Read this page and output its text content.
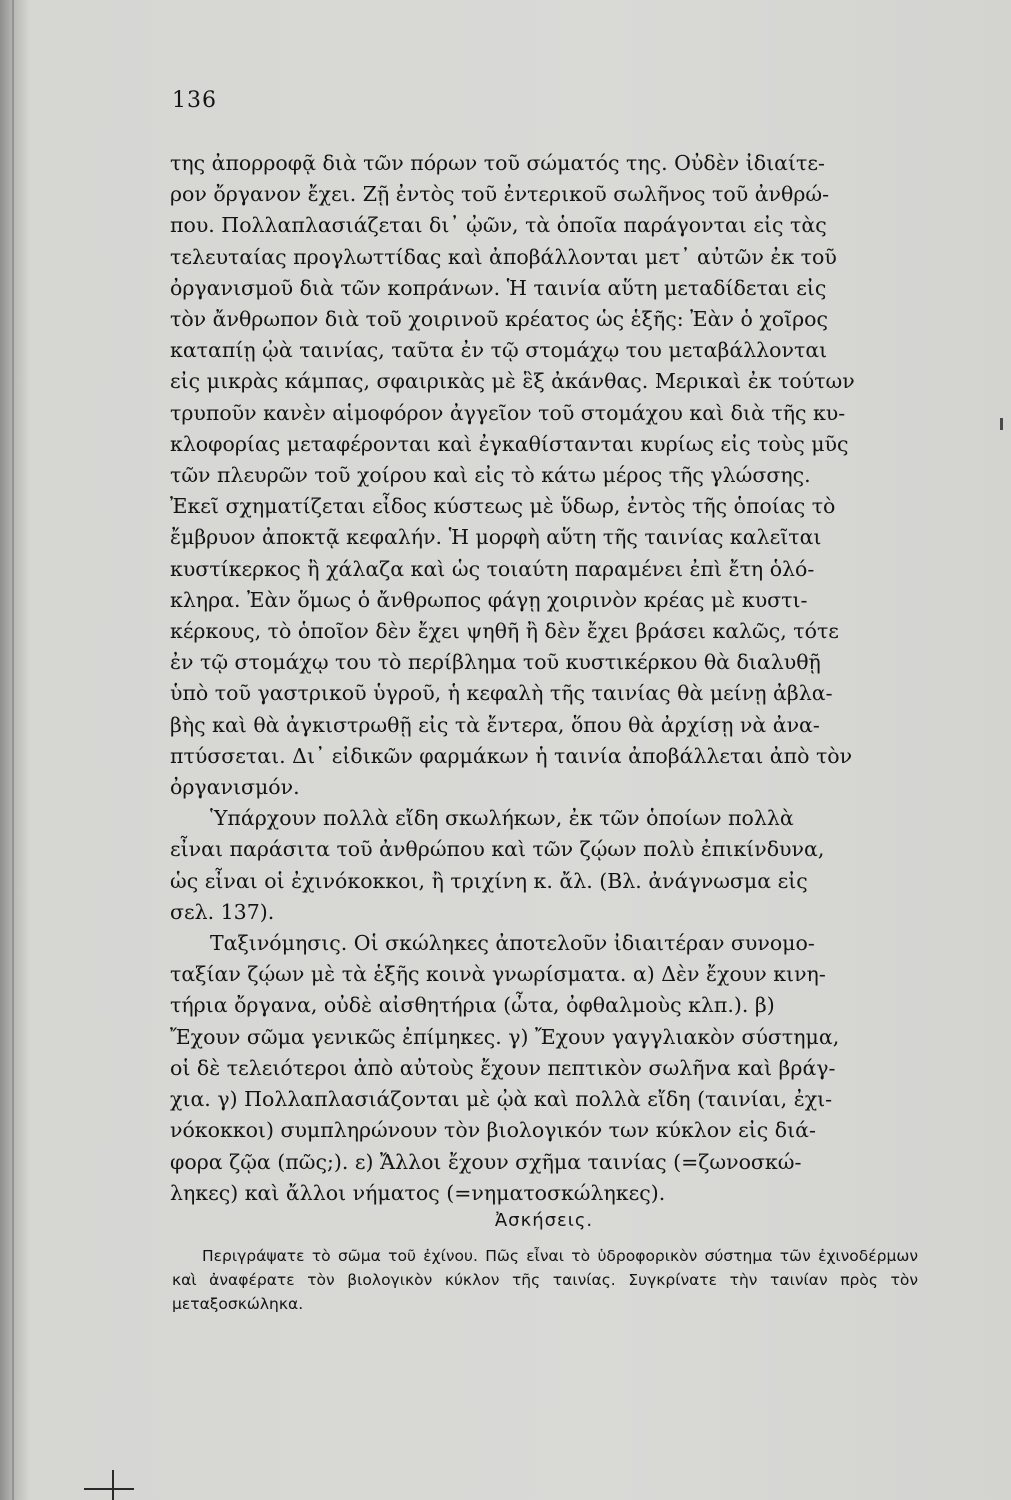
136

της ἀπορροφᾷ διὰ τῶν πόρων τοῦ σώματός της. Οὐδὲν ἰδιαίτε-

ρον ὄργανον ἔχει. Ζῇ ἐντὸς τοῦ ἐντερικοῦ σωλῆνος τοῦ ἀνθρώ-

που. Πολλαπλασιάζεται δι᾽ ᾠῶν, τὰ ὁποῖα παράγονται εἰς τὰς

τελευταίας προγλωττίδας καὶ ἀποβάλλονται μετ᾽ αὐτῶν ἐκ τοῦ

ὀργανισμοῦ διὰ τῶν κοπράνων. Ἡ ταινία αὕτη μεταδίδεται εἰς

τὸν ἄνθρωπον διὰ τοῦ χοιρινοῦ κρέατος ὡς ἑξῆς: Ἐὰν ὁ χοῖρος

καταπίῃ ᾠὰ ταινίας, ταῦτα ἐν τῷ στομάχῳ του μεταβάλλονται

εἰς μικρὰς κάμπας, σφαιρικὰς μὲ ἓξ ἀκάνθας. Μερικαὶ ἐκ τούτων

τρυποῦν κανὲν αἱμοφόρον ἀγγεῖον τοῦ στομάχου καὶ διὰ τῆς κυ-

κλοφορίας μεταφέρονται καὶ ἐγκαθίστανται κυρίως εἰς τοὺς μῦς

τῶν πλευρῶν τοῦ χοίρου καὶ εἰς τὸ κάτω μέρος τῆς γλώσσης.

Ἐκεῖ σχηματίζεται εἶδος κύστεως μὲ ὕδωρ, ἐντὸς τῆς ὁποίας τὸ

ἔμβρυον ἀποκτᾷ κεφαλήν. Ἡ μορφὴ αὕτη τῆς ταινίας καλεῖται

κυστίκερκος ἢ χάλαζα καὶ ὡς τοιαύτη παραμένει ἐπὶ ἔτη ὁλό-

κληρα. Ἐὰν ὅμως ὁ ἄνθρωπος φάγῃ χοιρινὸν κρέας μὲ κυστι-

κέρκους, τὸ ὁποῖον δὲν ἔχει ψηθῆ ἢ δὲν ἔχει βράσει καλῶς, τότε

ἐν τῷ στομάχῳ του τὸ περίβλημα τοῦ κυστικέρκου θὰ διαλυθῇ

ὑπὸ τοῦ γαστρικοῦ ὑγροῦ, ἡ κεφαλὴ τῆς ταινίας θὰ μείνῃ ἀβλα-

βὴς καὶ θὰ ἀγκιστρωθῇ εἰς τὰ ἔντερα, ὅπου θὰ ἀρχίσῃ νὰ ἀνα-

πτύσσεται. Δι᾽ εἰδικῶν φαρμάκων ἡ ταινία ἀποβάλλεται ἀπὸ τὸν

ὀργανισμόν.

Ὑπάρχουν πολλὰ εἴδη σκωλήκων, ἐκ τῶν ὁποίων πολλὰ

εἶναι παράσιτα τοῦ ἀνθρώπου καὶ τῶν ζῴων πολὺ ἐπικίνδυνα,

ὡς εἶναι οἱ ἐχινόκοκκοι, ἢ τριχίνη κ. ἄλ. (Βλ. ἀνάγνωσμα εἰς

σελ. 137).

Ταξινόμησις. Οἱ σκώληκες ἀποτελοῦν ἰδιαιτέραν συνομο-

ταξίαν ζῴων μὲ τὰ ἑξῆς κοινὰ γνωρίσματα. α) Δὲν ἔχουν κινη-

τήρια ὄργανα, οὐδὲ αἰσθητήρια (ὦτα, ὀφθαλμοὺς κλπ.). β)

Ἔχουν σῶμα γενικῶς ἐπίμηκες. γ) Ἔχουν γαγγλιακὸν σύστημα,

οἱ δὲ τελειότεροι ἀπὸ αὐτοὺς ἔχουν πεπτικὸν σωλῆνα καὶ βράγ-

χια. γ) Πολλαπλασιάζονται μὲ ᾠὰ καὶ πολλὰ εἴδη (ταινίαι, ἐχι-

νόκοκκοι) συμπληρώνουν τὸν βιολογικόν των κύκλον εἰς διά-

φορα ζῷα (πῶς;). ε) Ἄλλοι ἔχουν σχῆμα ταινίας (=ζωνοσκώ-

ληκες) καὶ ἄλλοι νήματος (=νηματοσκώληκες).

Ἀσκήσεις.
Περιγράψατε τὸ σῶμα τοῦ ἐχίνου. Πῶς εἶναι τὸ ὑδροφορικὸν σύστημα τῶν ἐχινοδέρμων καὶ ἀναφέρατε τὸν βιολογικὸν κύκλον τῆς ταινίας. Συγκρίνατε τὴν ταινίαν πρὸς τὸν μεταξοσκώληκα.
